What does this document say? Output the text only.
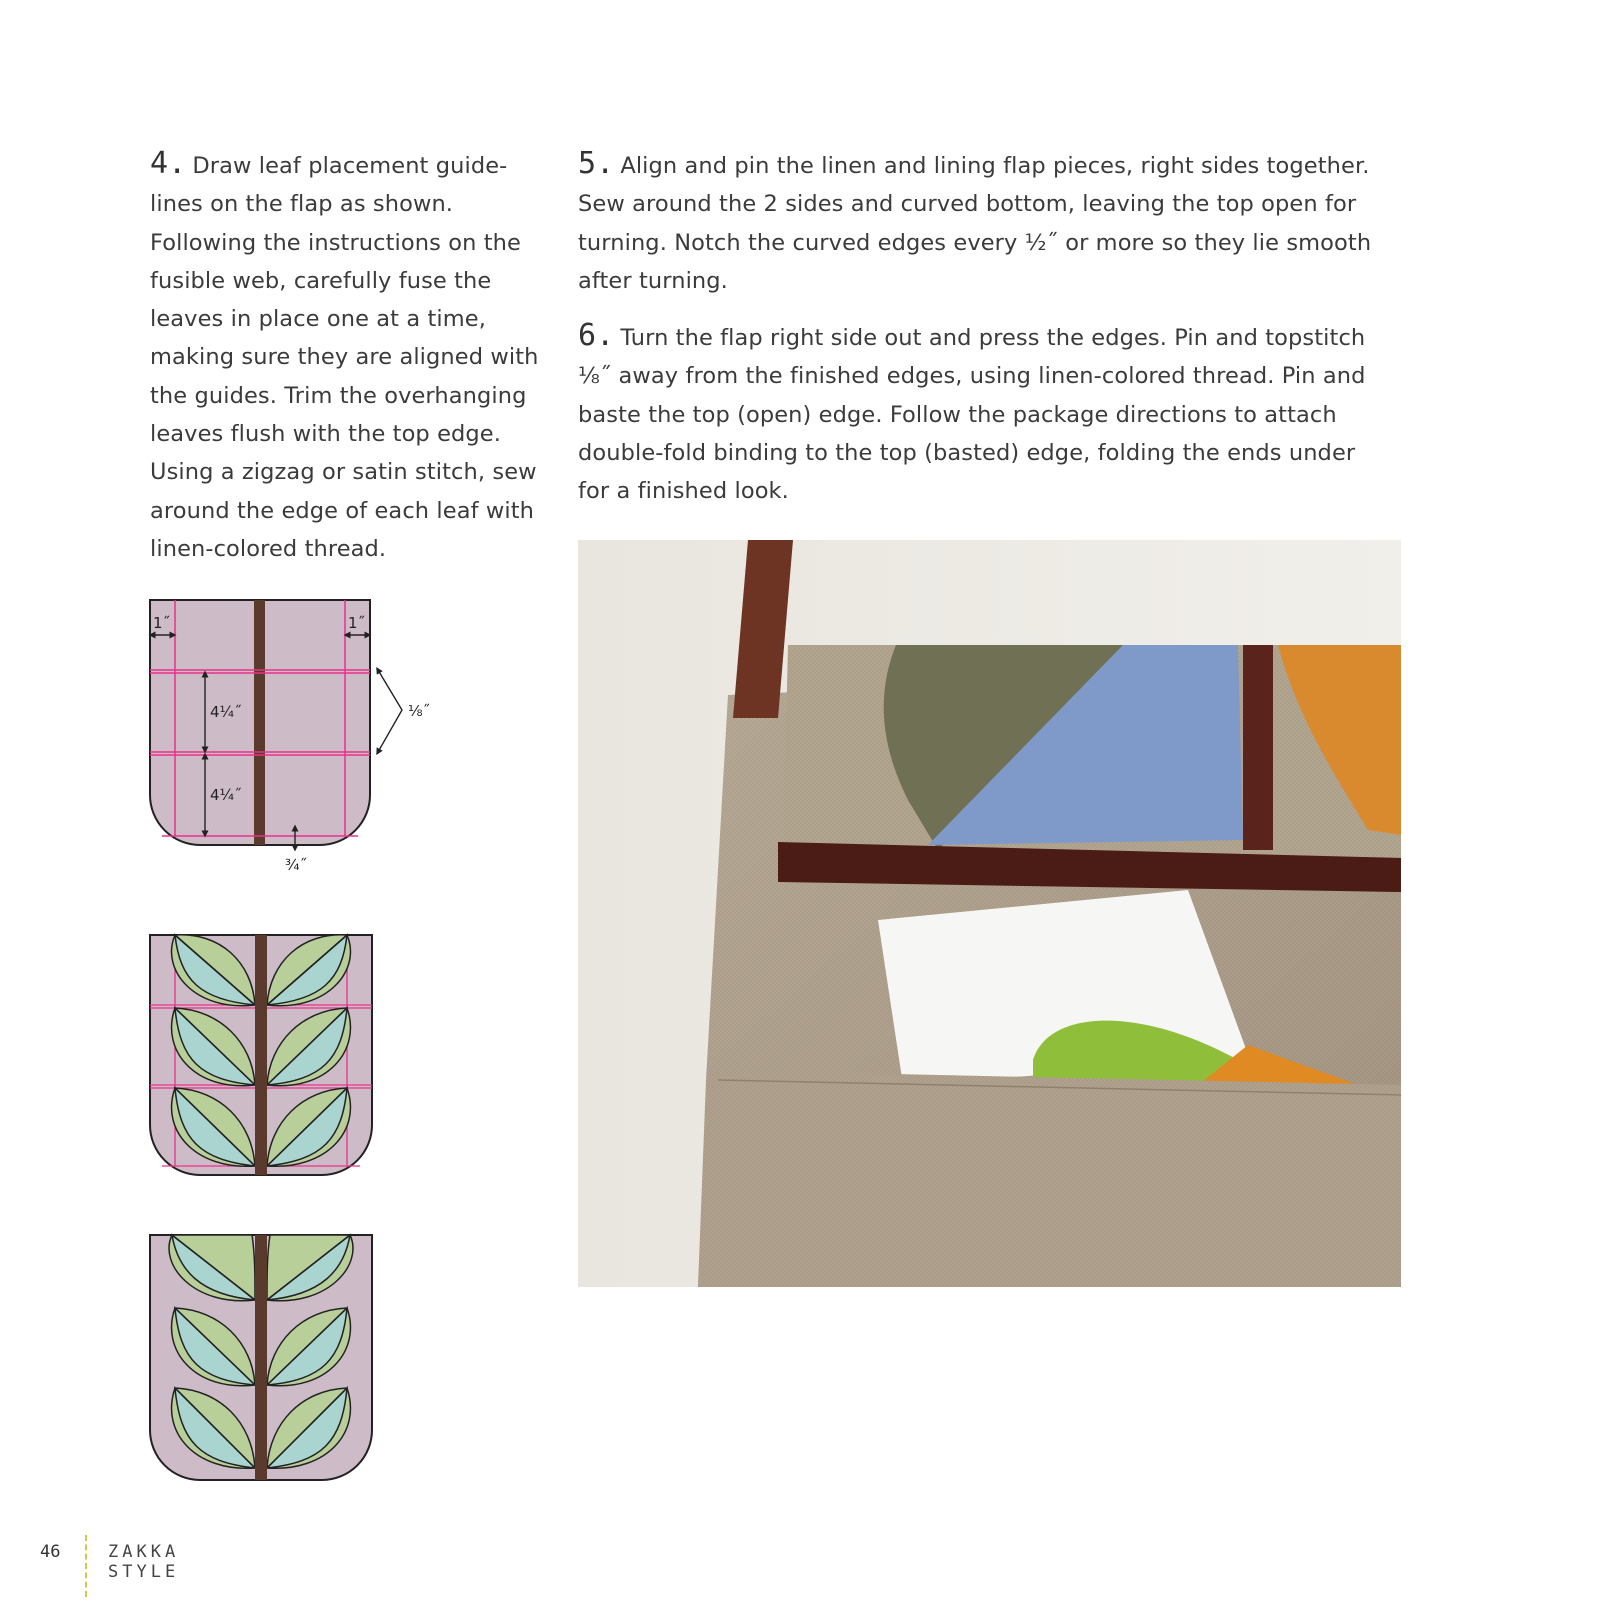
4. Draw leaf placement guide-
lines on the flap as shown.
Following the instructions on the
fusible web, carefully fuse the
leaves in place one at a time,
making sure they are aligned with
the guides. Trim the overhanging
leaves flush with the top edge.
Using a zigzag or satin stitch, sew
around the edge of each leaf with
linen-colored thread.
5. Align and pin the linen and lining flap pieces, right sides together.
Sew around the 2 sides and curved bottom, leaving the top open for
turning. Notch the curved edges every ½˝ or more so they lie smooth
after turning.
6. Turn the flap right side out and press the edges. Pin and topstitch
⅛˝ away from the finished edges, using linen-colored thread. Pin and
baste the top (open) edge. Follow the package directions to attach
double-fold binding to the top (basted) edge, folding the ends under
for a finished look.
1˝	1˝
4¼˝
4¼˝
⅛˝
¾˝
46	ZAKKA STYLE
